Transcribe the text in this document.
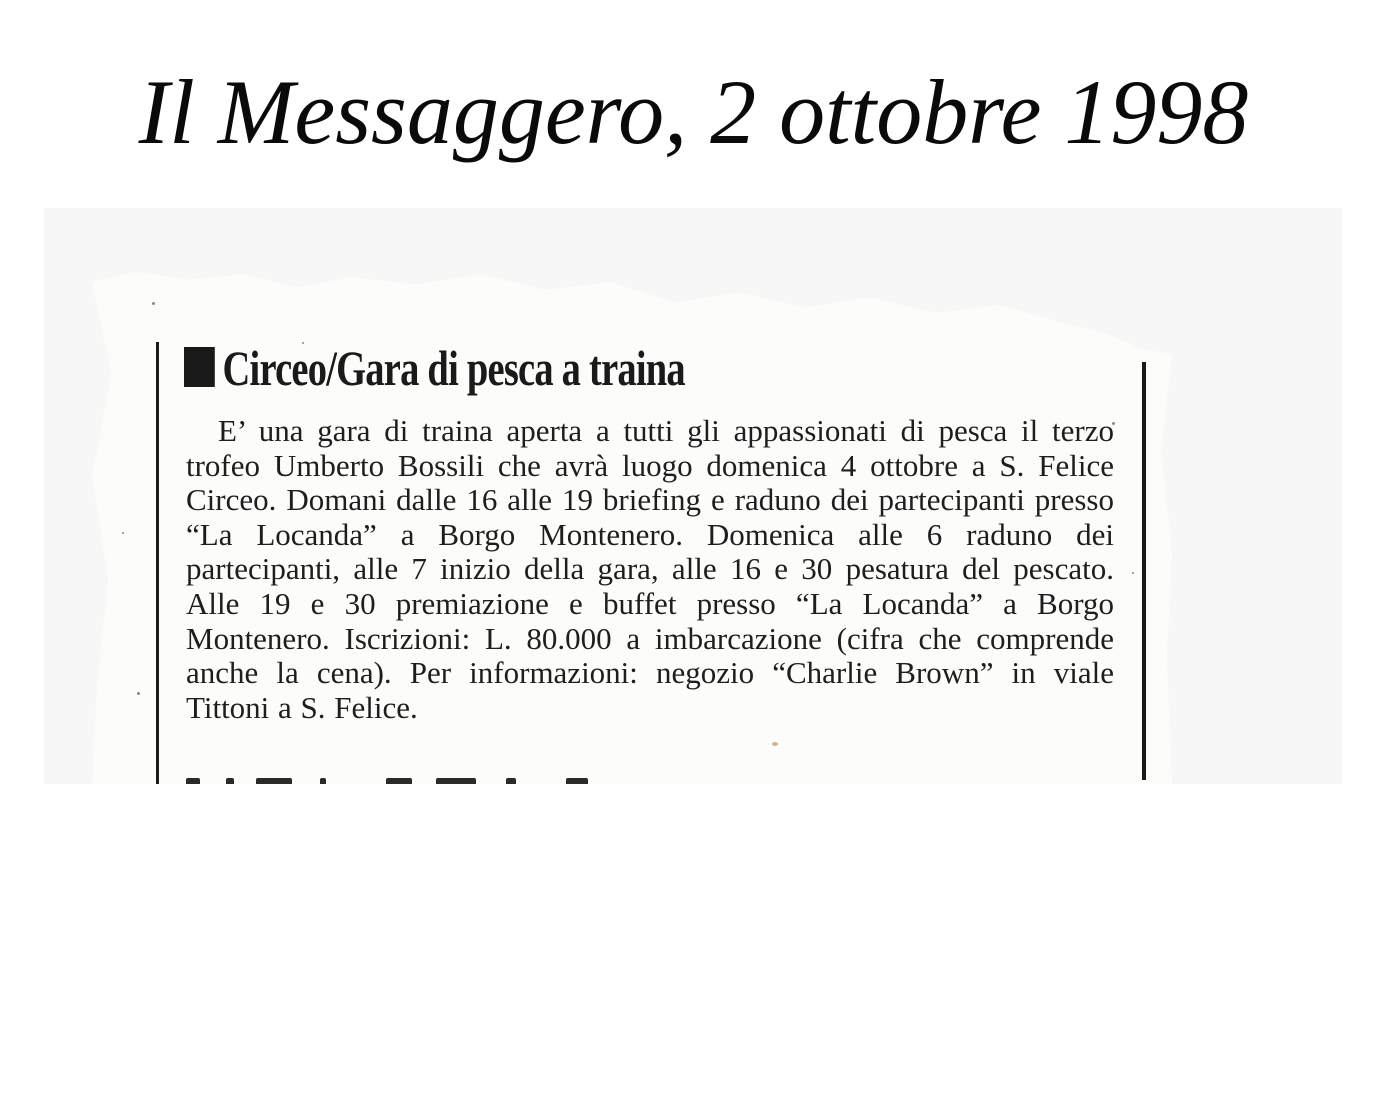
Il Messaggero, 2 ottobre 1998
Circeo/Gara di pesca a traina

E’ una gara di traina aperta a tutti gli appassionati di pesca il terzo trofeo Umberto Bossili che avrà luogo domenica 4 ottobre a S. Felice Circeo. Domani dalle 16 alle 19 briefing e raduno dei partecipanti presso “La Locanda” a Borgo Montenero. Domenica alle 6 raduno dei partecipanti, alle 7 inizio della gara, alle 16 e 30 pesatura del pescato. Alle 19 e 30 premiazione e buffet presso “La Locanda” a Borgo Montenero. Iscrizioni: L. 80.000 a imbarcazione (cifra che comprende anche la cena). Per informazioni: negozio “Charlie Brown” in viale Tittoni a S. Felice.
